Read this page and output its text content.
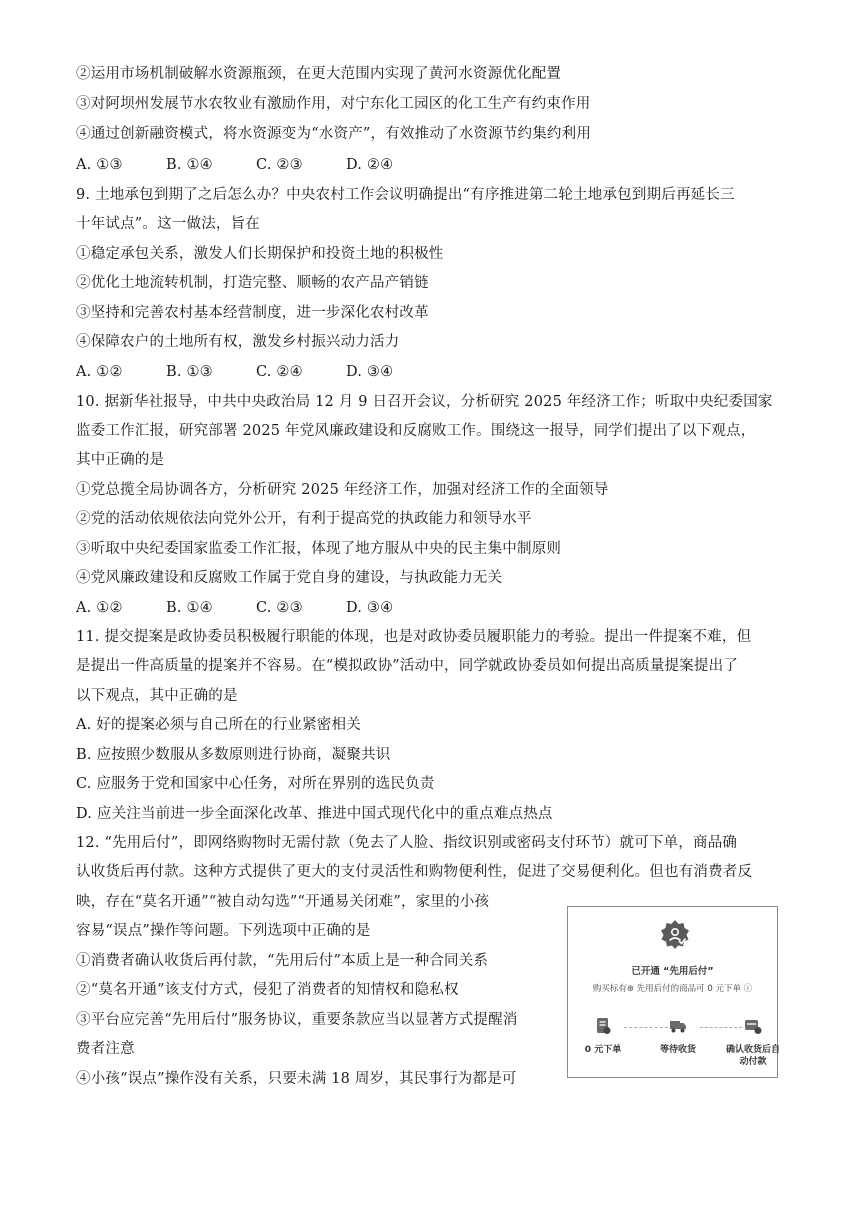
②运用市场机制破解水资源瓶颈，在更大范围内实现了黄河水资源优化配置
③对阿坝州发展节水农牧业有激励作用，对宁东化工园区的化工生产有约束作用
④通过创新融资模式，将水资源变为“水资产”，有效推动了水资源节约集约利用
A. ①③	B. ①④	C. ②③	D. ②④
9. 土地承包到期了之后怎么办？中央农村工作会议明确提出“有序推进第二轮土地承包到期后再延长三
十年试点”。这一做法，旨在
①稳定承包关系，激发人们长期保护和投资土地的积极性
②优化土地流转机制，打造完整、顺畅的农产品产销链
③坚持和完善农村基本经营制度，进一步深化农村改革
④保障农户的土地所有权，激发乡村振兴动力活力
A. ①②	B. ①③	C. ②④	D. ③④
10. 据新华社报导，中共中央政治局 12 月 9 日召开会议，分析研究 2025 年经济工作；听取中央纪委国家
监委工作汇报，研究部署 2025 年党风廉政建设和反腐败工作。围绕这一报导，同学们提出了以下观点，
其中正确的是
①党总揽全局协调各方，分析研究 2025 年经济工作，加强对经济工作的全面领导
②党的活动依规依法向党外公开，有利于提高党的执政能力和领导水平
③听取中央纪委国家监委工作汇报，体现了地方服从中央的民主集中制原则
④党风廉政建设和反腐败工作属于党自身的建设，与执政能力无关
A. ①②	B. ①④	C. ②③	D. ③④
11. 提交提案是政协委员积极履行职能的体现，也是对政协委员履职能力的考验。提出一件提案不难，但
是提出一件高质量的提案并不容易。在“模拟政协”活动中，同学就政协委员如何提出高质量提案提出了
以下观点，其中正确的是
A. 好的提案必须与自己所在的行业紧密相关
B. 应按照少数服从多数原则进行协商，凝聚共识
C. 应服务于党和国家中心任务，对所在界别的选民负责
D. 应关注当前进一步全面深化改革、推进中国式现代化中的重点难点热点
12. “先用后付”，即网络购物时无需付款（免去了人脸、指纹识别或密码支付环节）就可下单，商品确
认收货后再付款。这种方式提供了更大的支付灵活性和购物便利性，促进了交易便利化。但也有消费者反
映，存在“莫名开通”“被自动勾选”“开通易关闭难”，家里的小孩
容易“误点”操作等问题。下列选项中正确的是
①消费者确认收货后再付款，“先用后付”本质上是一种合同关系
②“莫名开通”该支付方式，侵犯了消费者的知情权和隐私权
③平台应完善“先用后付”服务协议，重要条款应当以显著方式提醒消
费者注意
④小孩“误点”操作没有关系，只要未满 18 周岁，其民事行为都是可
已开通 “先用后付”
购买标有⊛ 先用后付的商品可 0 元下单 ⓘ
0 元下单	等待收货	确认收货后自动付款
